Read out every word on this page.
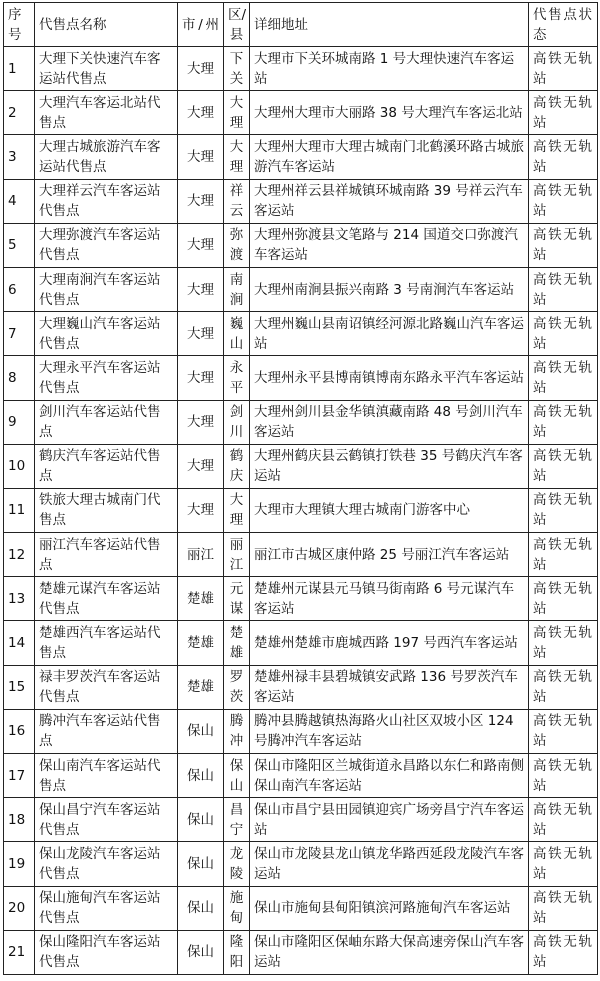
序号	代售点名称	市/州	区/县	详细地址	代售点状态
1	大理下关快速汽车客运站代售点	大理	下关	大理市下关环城南路 1 号大理快速汽车客运站	高铁无轨站
2	大理汽车客运北站代售点	大理	大理	大理州大理市大丽路 38 号大理汽车客运北站	高铁无轨站
3	大理古城旅游汽车客运站代售点	大理	大理	大理州大理市大理古城南门北鹤溪环路古城旅游汽车客运站	高铁无轨站
4	大理祥云汽车客运站代售点	大理	祥云	大理州祥云县祥城镇环城南路 39 号祥云汽车客运站	高铁无轨站
5	大理弥渡汽车客运站代售点	大理	弥渡	大理州弥渡县文笔路与 214 国道交口弥渡汽车客运站	高铁无轨站
6	大理南涧汽车客运站代售点	大理	南涧	大理州南涧县振兴南路 3 号南涧汽车客运站	高铁无轨站
7	大理巍山汽车客运站代售点	大理	巍山	大理州巍山县南诏镇经河源北路巍山汽车客运站	高铁无轨站
8	大理永平汽车客运站代售点	大理	永平	大理州永平县博南镇博南东路永平汽车客运站	高铁无轨站
9	剑川汽车客运站代售点	大理	剑川	大理州剑川县金华镇滇藏南路 48 号剑川汽车客运站	高铁无轨站
10	鹤庆汽车客运站代售点	大理	鹤庆	大理州鹤庆县云鹤镇打铁巷 35 号鹤庆汽车客运站	高铁无轨站
11	铁旅大理古城南门代售点	大理	大理	大理市大理镇大理古城南门游客中心	高铁无轨站
12	丽江汽车客运站代售点	丽江	丽江	丽江市古城区康仲路 25 号丽江汽车客运站	高铁无轨站
13	楚雄元谋汽车客运站代售点	楚雄	元谋	楚雄州元谋县元马镇马街南路 6 号元谋汽车客运站	高铁无轨站
14	楚雄西汽车客运站代售点	楚雄	楚雄	楚雄州楚雄市鹿城西路 197 号西汽车客运站	高铁无轨站
15	禄丰罗茨汽车客运站代售点	楚雄	罗茨	楚雄州禄丰县碧城镇安武路 136 号罗茨汽车客运站	高铁无轨站
16	腾冲汽车客运站代售点	保山	腾冲	腾冲县腾越镇热海路火山社区双坡小区 124 号腾冲汽车客运站	高铁无轨站
17	保山南汽车客运站代售点	保山	保山	保山市隆阳区兰城街道永昌路以东仁和路南侧保山南汽车客运站	高铁无轨站
18	保山昌宁汽车客运站代售点	保山	昌宁	保山市昌宁县田园镇迎宾广场旁昌宁汽车客运站	高铁无轨站
19	保山龙陵汽车客运站代售点	保山	龙陵	保山市龙陵县龙山镇龙华路西延段龙陵汽车客运站	高铁无轨站
20	保山施甸汽车客运站代售点	保山	施甸	保山市施甸县甸阳镇滨河路施甸汽车客运站	高铁无轨站
21	保山隆阳汽车客运站代售点	保山	隆阳	保山市隆阳区保岫东路大保高速旁保山汽车客运站	高铁无轨站
